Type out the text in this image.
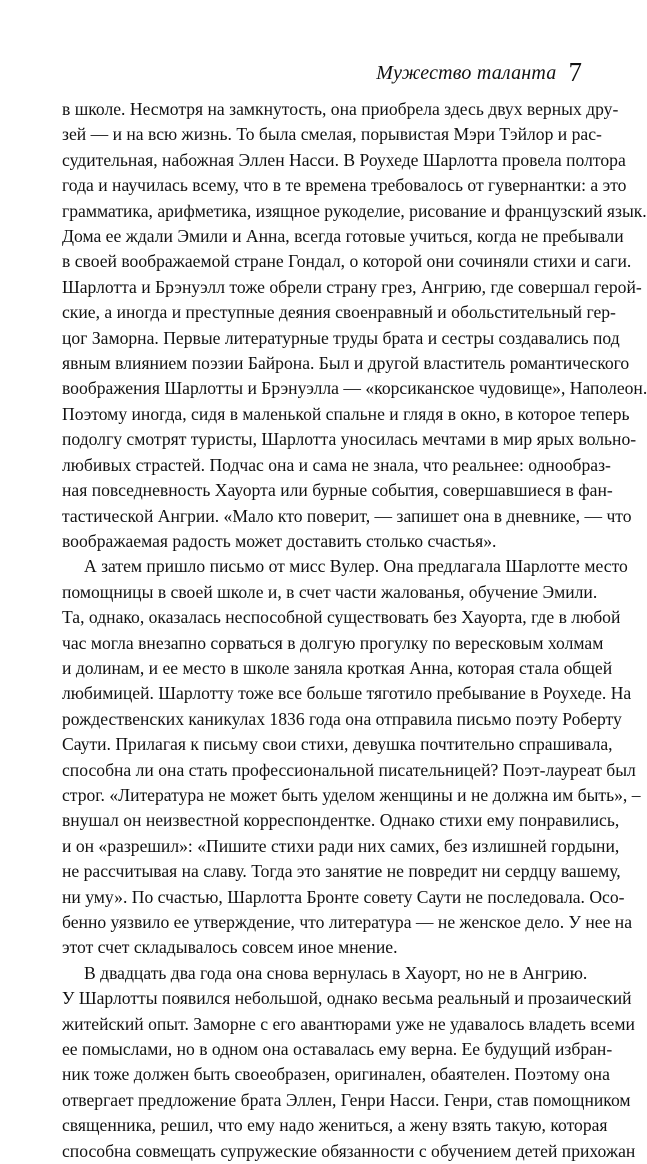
Мужество таланта 7
в школе. Несмотря на замкнутость, она приобрела здесь двух верных дру-
зей — и на всю жизнь. То была смелая, порывистая Мэри Тэйлор и рас-
судительная, набожная Эллен Насси. В Роухеде Шарлотта провела полтора
года и научилась всему, что в те времена требовалось от гувернантки: а это
грамматика, арифметика, изящное рукоделие, рисование и французский язык.
Дома ее ждали Эмили и Анна, всегда готовые учиться, когда не пребывали
в своей воображаемой стране Гондал, о которой они сочиняли стихи и саги.
Шарлотта и Брэнуэлл тоже обрели страну грез, Ангрию, где совершал герой-
ские, а иногда и преступные деяния своенравный и обольстительный гер-
цог Заморна. Первые литературные труды брата и сестры создавались под
явным влиянием поэзии Байрона. Был и другой властитель романтического
воображения Шарлотты и Брэнуэлла — «корсиканское чудовище», Наполеон.
Поэтому иногда, сидя в маленькой спальне и глядя в окно, в которое теперь
подолгу смотрят туристы, Шарлотта уносилась мечтами в мир ярых вольно-
любивых страстей. Подчас она и сама не знала, что реальнее: однообраз-
ная повседневность Хауорта или бурные события, совершавшиеся в фан-
тастической Ангрии. «Мало кто поверит, — запишет она в дневнике, — что
воображаемая радость может доставить столько счастья».
А затем пришло письмо от мисс Вулер. Она предлагала Шарлотте место
помощницы в своей школе и, в счет части жалованья, обучение Эмили.
Та, однако, оказалась неспособной существовать без Хауорта, где в любой
час могла внезапно сорваться в долгую прогулку по вересковым холмам
и долинам, и ее место в школе заняла кроткая Анна, которая стала общей
любимицей. Шарлотту тоже все больше тяготило пребывание в Роухеде. На
рождественских каникулах 1836 года она отправила письмо поэту Роберту
Саути. Прилагая к письму свои стихи, девушка почтительно спрашивала,
способна ли она стать профессиональной писательницей? Поэт-лауреат был
строг. «Литература не может быть уделом женщины и не должна им быть», –
внушал он неизвестной корреспондентке. Однако стихи ему понравились,
и он «разрешил»: «Пишите стихи ради них самих, без излишней гордыни,
не рассчитывая на славу. Тогда это занятие не повредит ни сердцу вашему,
ни уму». По счастью, Шарлотта Бронте совету Саути не последовала. Осо-
бенно уязвило ее утверждение, что литература — не женское дело. У нее на
этот счет складывалось совсем иное мнение.
В двадцать два года она снова вернулась в Хауорт, но не в Ангрию.
У Шарлотты появился небольшой, однако весьма реальный и прозаический
житейский опыт. Заморне с его авантюрами уже не удавалось владеть всеми
ее помыслами, но в одном она оставалась ему верна. Ее будущий избран-
ник тоже должен быть своеобразен, оригинален, обаятелен. Поэтому она
отвергает предложение брата Эллен, Генри Насси. Генри, став помощником
священника, решил, что ему надо жениться, а жену взять такую, которая
способна совмещать супружеские обязанности с обучением детей прихожан
